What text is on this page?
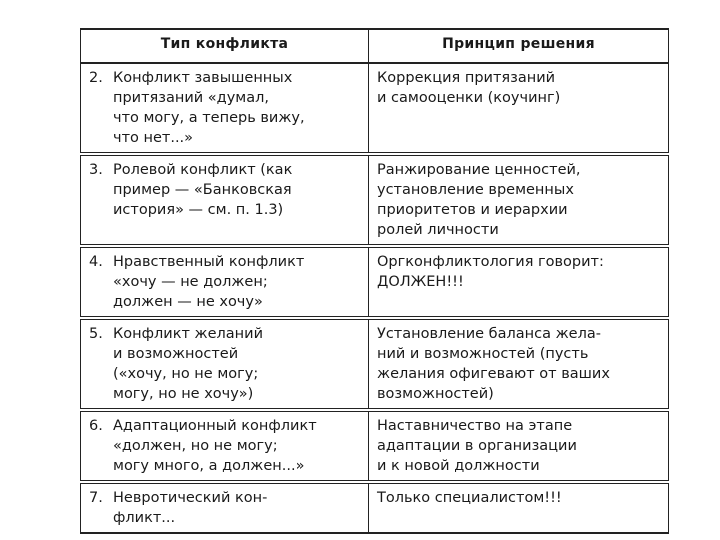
Тип конфликта	Принцип решения

2. Конфликт завышенных
притязаний «думал,
что могу, а теперь вижу,
что нет...»	Коррекция притязаний
и самооценки (коучинг)

3. Ролевой конфликт (как
пример — «Банковская
история» — см. п. 1.3)	Ранжирование ценностей,
установление временных
приоритетов и иерархии
ролей личности

4. Нравственный конфликт
«хочу — не должен;
должен — не хочу»	Оргконфликтология говорит:
ДОЛЖЕН!!!

5. Конфликт желаний
и возможностей
(«хочу, но не могу;
могу, но не хочу»)	Установление баланса жела-
ний и возможностей (пусть
желания офигевают от ваших
возможностей)

6. Адаптационный конфликт
«должен, но не могу;
могу много, а должен...»	Наставничество на этапе
адаптации в организации
и к новой должности

7. Невротический кон-
фликт...	Только специалистом!!!
